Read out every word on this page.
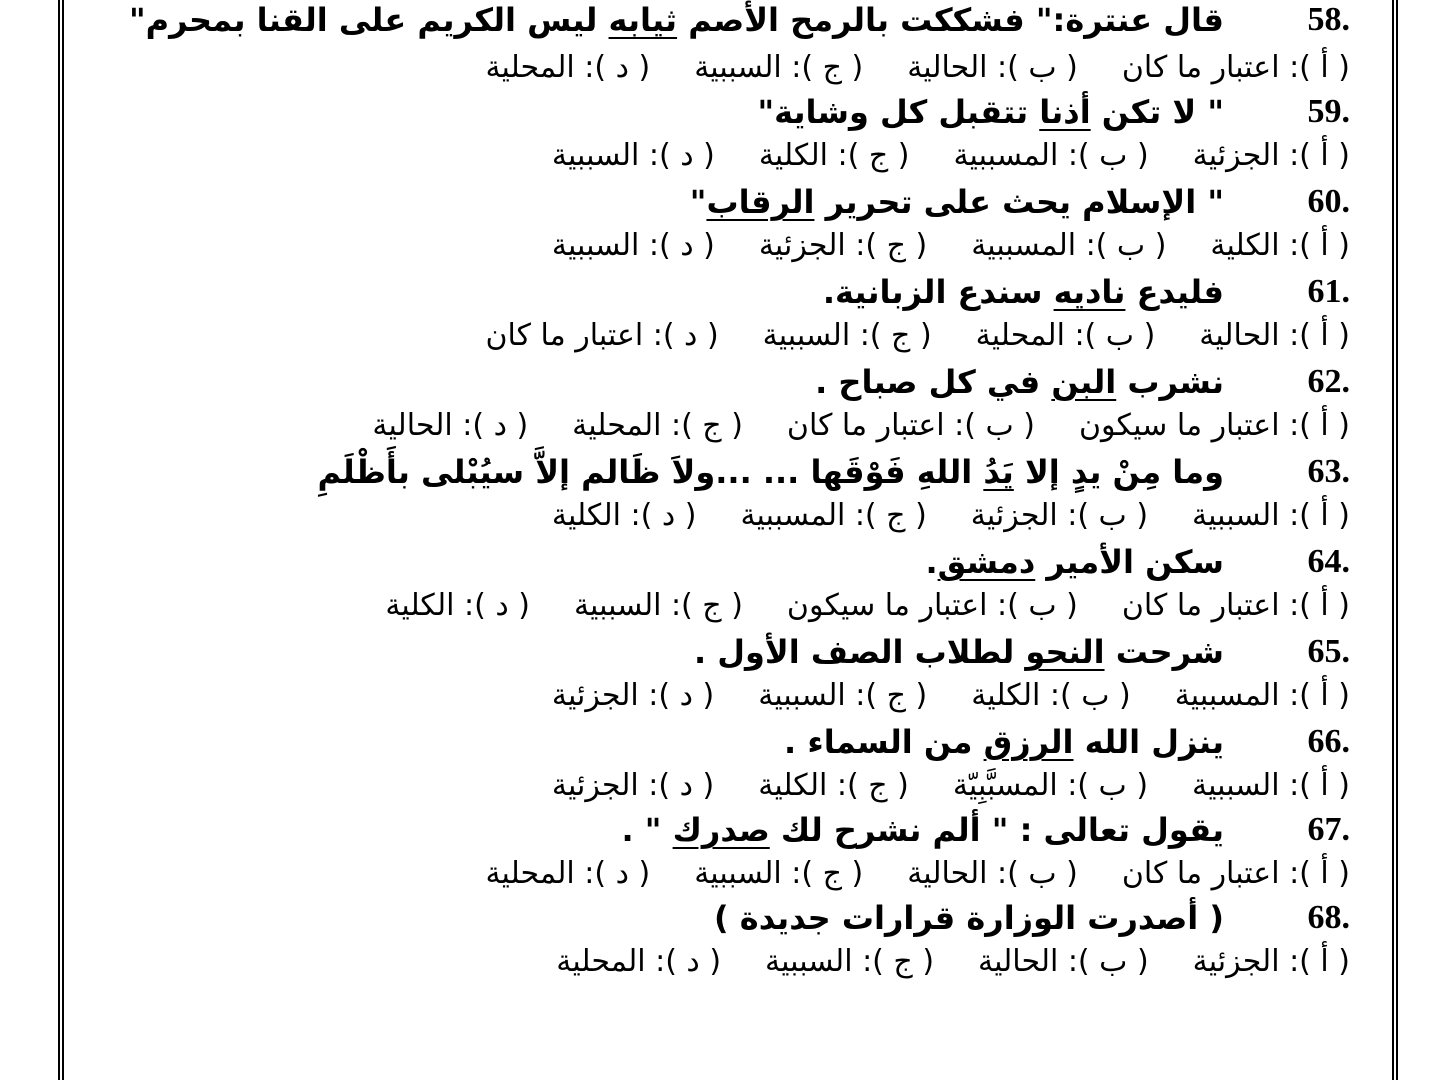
.58
قال عنترة:" فشككت بالرمح الأصم ثيابه ليس الكريم على القنا بمحرم"
( أ ): اعتبار ما كان
( ب ): الحالية
( ج ): السببية
( د ): المحلية
.59
" لا تكن أذنا تتقبل كل وشاية"
( أ ): الجزئية
( ب ): المسببية
( ج ): الكلية
( د ): السببية
.60
" الإسلام يحث على تحرير الرقاب"
( أ ): الكلية
( ب ): المسببية
( ج ): الجزئية
( د ): السببية
.61
فليدع ناديه سندع الزبانية.
( أ ): الحالية
( ب ): المحلية
( ج ): السببية
( د ): اعتبار ما كان
.62
نشرب البن في كل صباح .
( أ ): اعتبار ما سيكون
( ب ): اعتبار ما كان
( ج ): المحلية
( د ): الحالية
.63
وما مِنْ يدٍ إلا يَدُ اللهِ فَوْقَها ... ...ولاَ ظَالم إلاَّ سيُبْلى بأَظْلَمِ
( أ ): السببية
( ب ): الجزئية
( ج ): المسببية
( د ): الكلية
.64
سكن الأمير دمشق.
( أ ): اعتبار ما كان
( ب ): اعتبار ما سيكون
( ج ): السببية
( د ): الكلية
.65
شرحت النحو لطلاب الصف الأول .
( أ ): المسببية
( ب ): الكلية
( ج ): السببية
( د ): الجزئية
.66
ينزل الله الرزق من السماء .
( أ ): السببية
( ب ): المسبَّبِيّة
( ج ): الكلية
( د ): الجزئية
.67
يقول تعالى : " ألم نشرح لك صدرك " .
( أ ): اعتبار ما كان
( ب ): الحالية
( ج ): السببية
( د ): المحلية
.68
( أصدرت الوزارة قرارات جديدة )
( أ ): الجزئية
( ب ): الحالية
( ج ): السببية
( د ): المحلية
